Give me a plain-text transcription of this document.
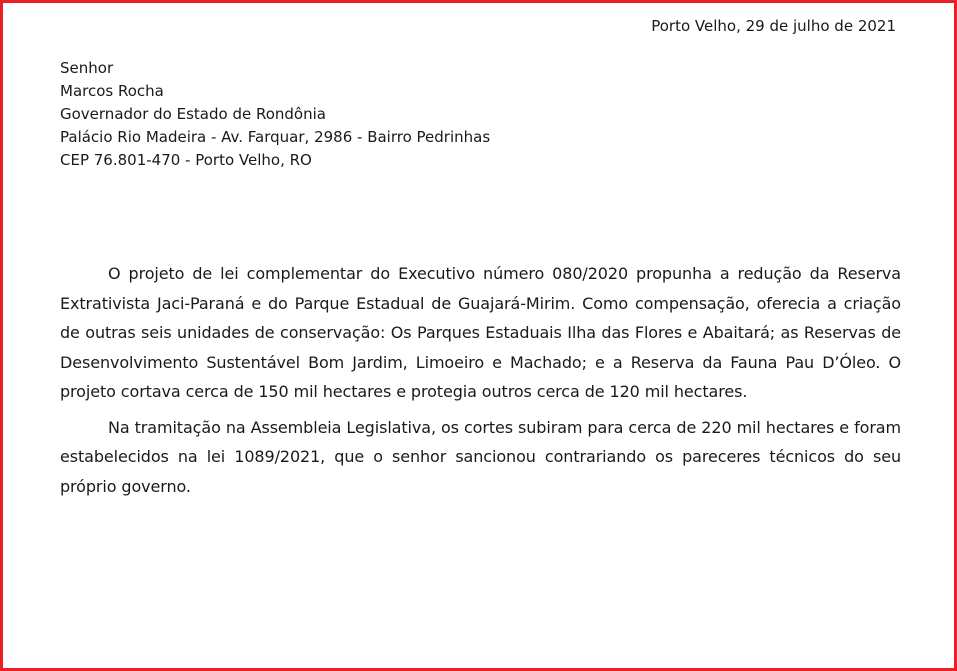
Porto Velho, 29 de julho de 2021
Senhor
Marcos Rocha
Governador do Estado de Rondônia
Palácio Rio Madeira - Av. Farquar, 2986 - Bairro Pedrinhas
CEP 76.801-470 - Porto Velho, RO

O projeto de lei complementar do Executivo número 080/2020 propunha a redução da Reserva Extrativista Jaci-Paraná e do Parque Estadual de Guajará-Mirim. Como compensação, oferecia a criação de outras seis unidades de conservação: Os Parques Estaduais Ilha das Flores e Abaitará; as Reservas de Desenvolvimento Sustentável Bom Jardim, Limoeiro e Machado; e a Reserva da Fauna Pau D’Óleo. O projeto cortava cerca de 150 mil hectares e protegia outros cerca de 120 mil hectares.

Na tramitação na Assembleia Legislativa, os cortes subiram para cerca de 220 mil hectares e foram estabelecidos na lei 1089/2021, que o senhor sancionou contrariando os pareceres técnicos do seu próprio governo.
